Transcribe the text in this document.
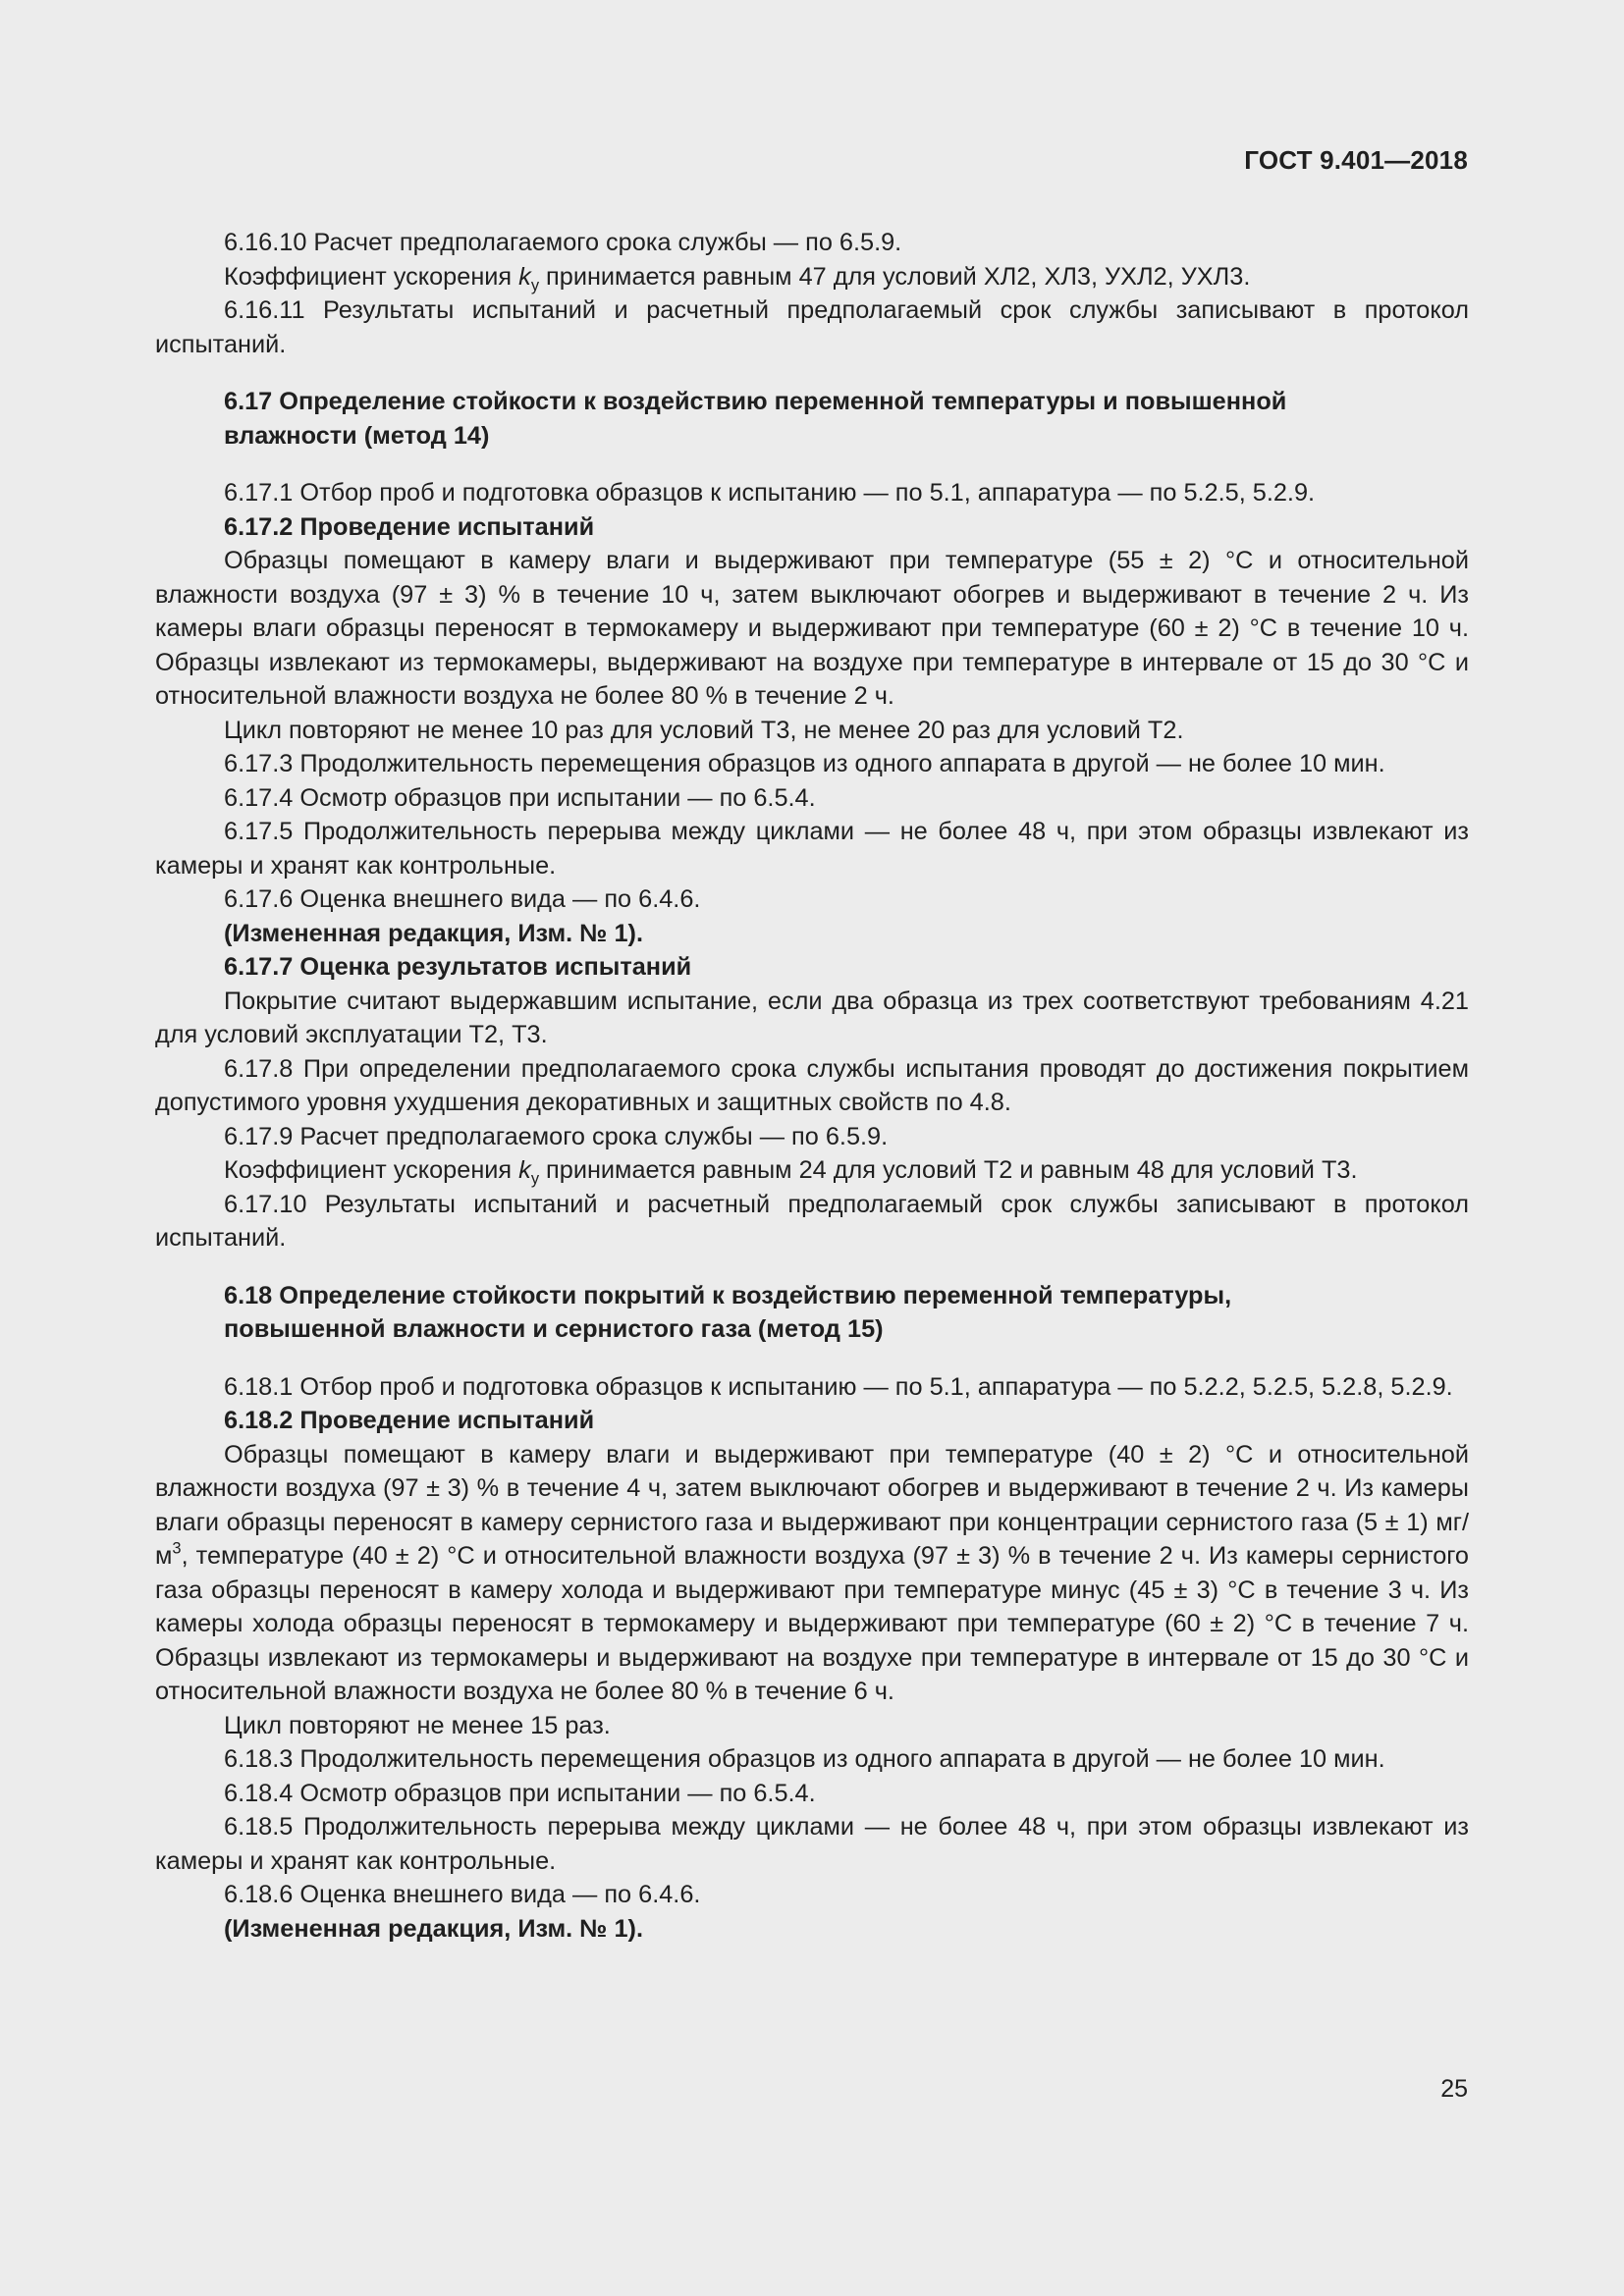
ГОСТ 9.401—2018

6.16.10 Расчет предполагаемого срока службы — по 6.5.9.

Коэффициент ускорения $k_у$ принимается равным 47 для условий ХЛ2, ХЛ3, УХЛ2, УХЛ3.

6.16.11 Результаты испытаний и расчетный предполагаемый срок службы записывают в протокол испытаний.

6.17 Определение стойкости к воздействию переменной температуры и повышенной
влажности (метод 14)

6.17.1 Отбор проб и подготовка образцов к испытанию — по 5.1, аппаратура — по 5.2.5, 5.2.9.

6.17.2 Проведение испытаний

Образцы помещают в камеру влаги и выдерживают при температуре (55 ± 2) °С и относительной влажности воздуха (97 ± 3) % в течение 10 ч, затем выключают обогрев и выдерживают в течение 2 ч. Из камеры влаги образцы переносят в термокамеру и выдерживают при температуре (60 ± 2) °С в течение 10 ч. Образцы извлекают из термокамеры, выдерживают на воздухе при температуре в интервале от 15 до 30 °С и относительной влажности воздуха не более 80 % в течение 2 ч.

Цикл повторяют не менее 10 раз для условий Т3, не менее 20 раз для условий Т2.

6.17.3 Продолжительность перемещения образцов из одного аппарата в другой — не более 10 мин.

6.17.4 Осмотр образцов при испытании — по 6.5.4.

6.17.5 Продолжительность перерыва между циклами — не более 48 ч, при этом образцы извлекают из камеры и хранят как контрольные.

6.17.6 Оценка внешнего вида — по 6.4.6.

(Измененная редакция, Изм. № 1).

6.17.7 Оценка результатов испытаний

Покрытие считают выдержавшим испытание, если два образца из трех соответствуют требованиям 4.21 для условий эксплуатации Т2, Т3.

6.17.8 При определении предполагаемого срока службы испытания проводят до достижения покрытием допустимого уровня ухудшения декоративных и защитных свойств по 4.8.

6.17.9 Расчет предполагаемого срока службы — по 6.5.9.

Коэффициент ускорения $k_у$ принимается равным 24 для условий Т2 и равным 48 для условий Т3.

6.17.10 Результаты испытаний и расчетный предполагаемый срок службы записывают в протокол испытаний.

6.18 Определение стойкости покрытий к воздействию переменной температуры,
повышенной влажности и сернистого газа (метод 15)

6.18.1 Отбор проб и подготовка образцов к испытанию — по 5.1, аппаратура — по 5.2.2, 5.2.5, 5.2.8, 5.2.9.

6.18.2 Проведение испытаний

Образцы помещают в камеру влаги и выдерживают при температуре (40 ± 2) °С и относительной влажности воздуха (97 ± 3) % в течение 4 ч, затем выключают обогрев и выдерживают в течение 2 ч. Из камеры влаги образцы переносят в камеру сернистого газа и выдерживают при концентрации сернистого газа (5 ± 1) $мг/м^3$, температуре (40 ± 2) °С и относительной влажности воздуха (97 ± 3) % в течение 2 ч. Из камеры сернистого газа образцы переносят в камеру холода и выдерживают при температуре минус (45 ± 3) °С в течение 3 ч. Из камеры холода образцы переносят в термокамеру и выдерживают при температуре (60 ± 2) °С в течение 7 ч. Образцы извлекают из термокамеры и выдерживают на воздухе при температуре в интервале от 15 до 30 °С и относительной влажности воздуха не более 80 % в течение 6 ч.

Цикл повторяют не менее 15 раз.

6.18.3 Продолжительность перемещения образцов из одного аппарата в другой — не более 10 мин.

6.18.4 Осмотр образцов при испытании — по 6.5.4.

6.18.5 Продолжительность перерыва между циклами — не более 48 ч, при этом образцы извлекают из камеры и хранят как контрольные.

6.18.6 Оценка внешнего вида — по 6.4.6.

(Измененная редакция, Изм. № 1).

25
